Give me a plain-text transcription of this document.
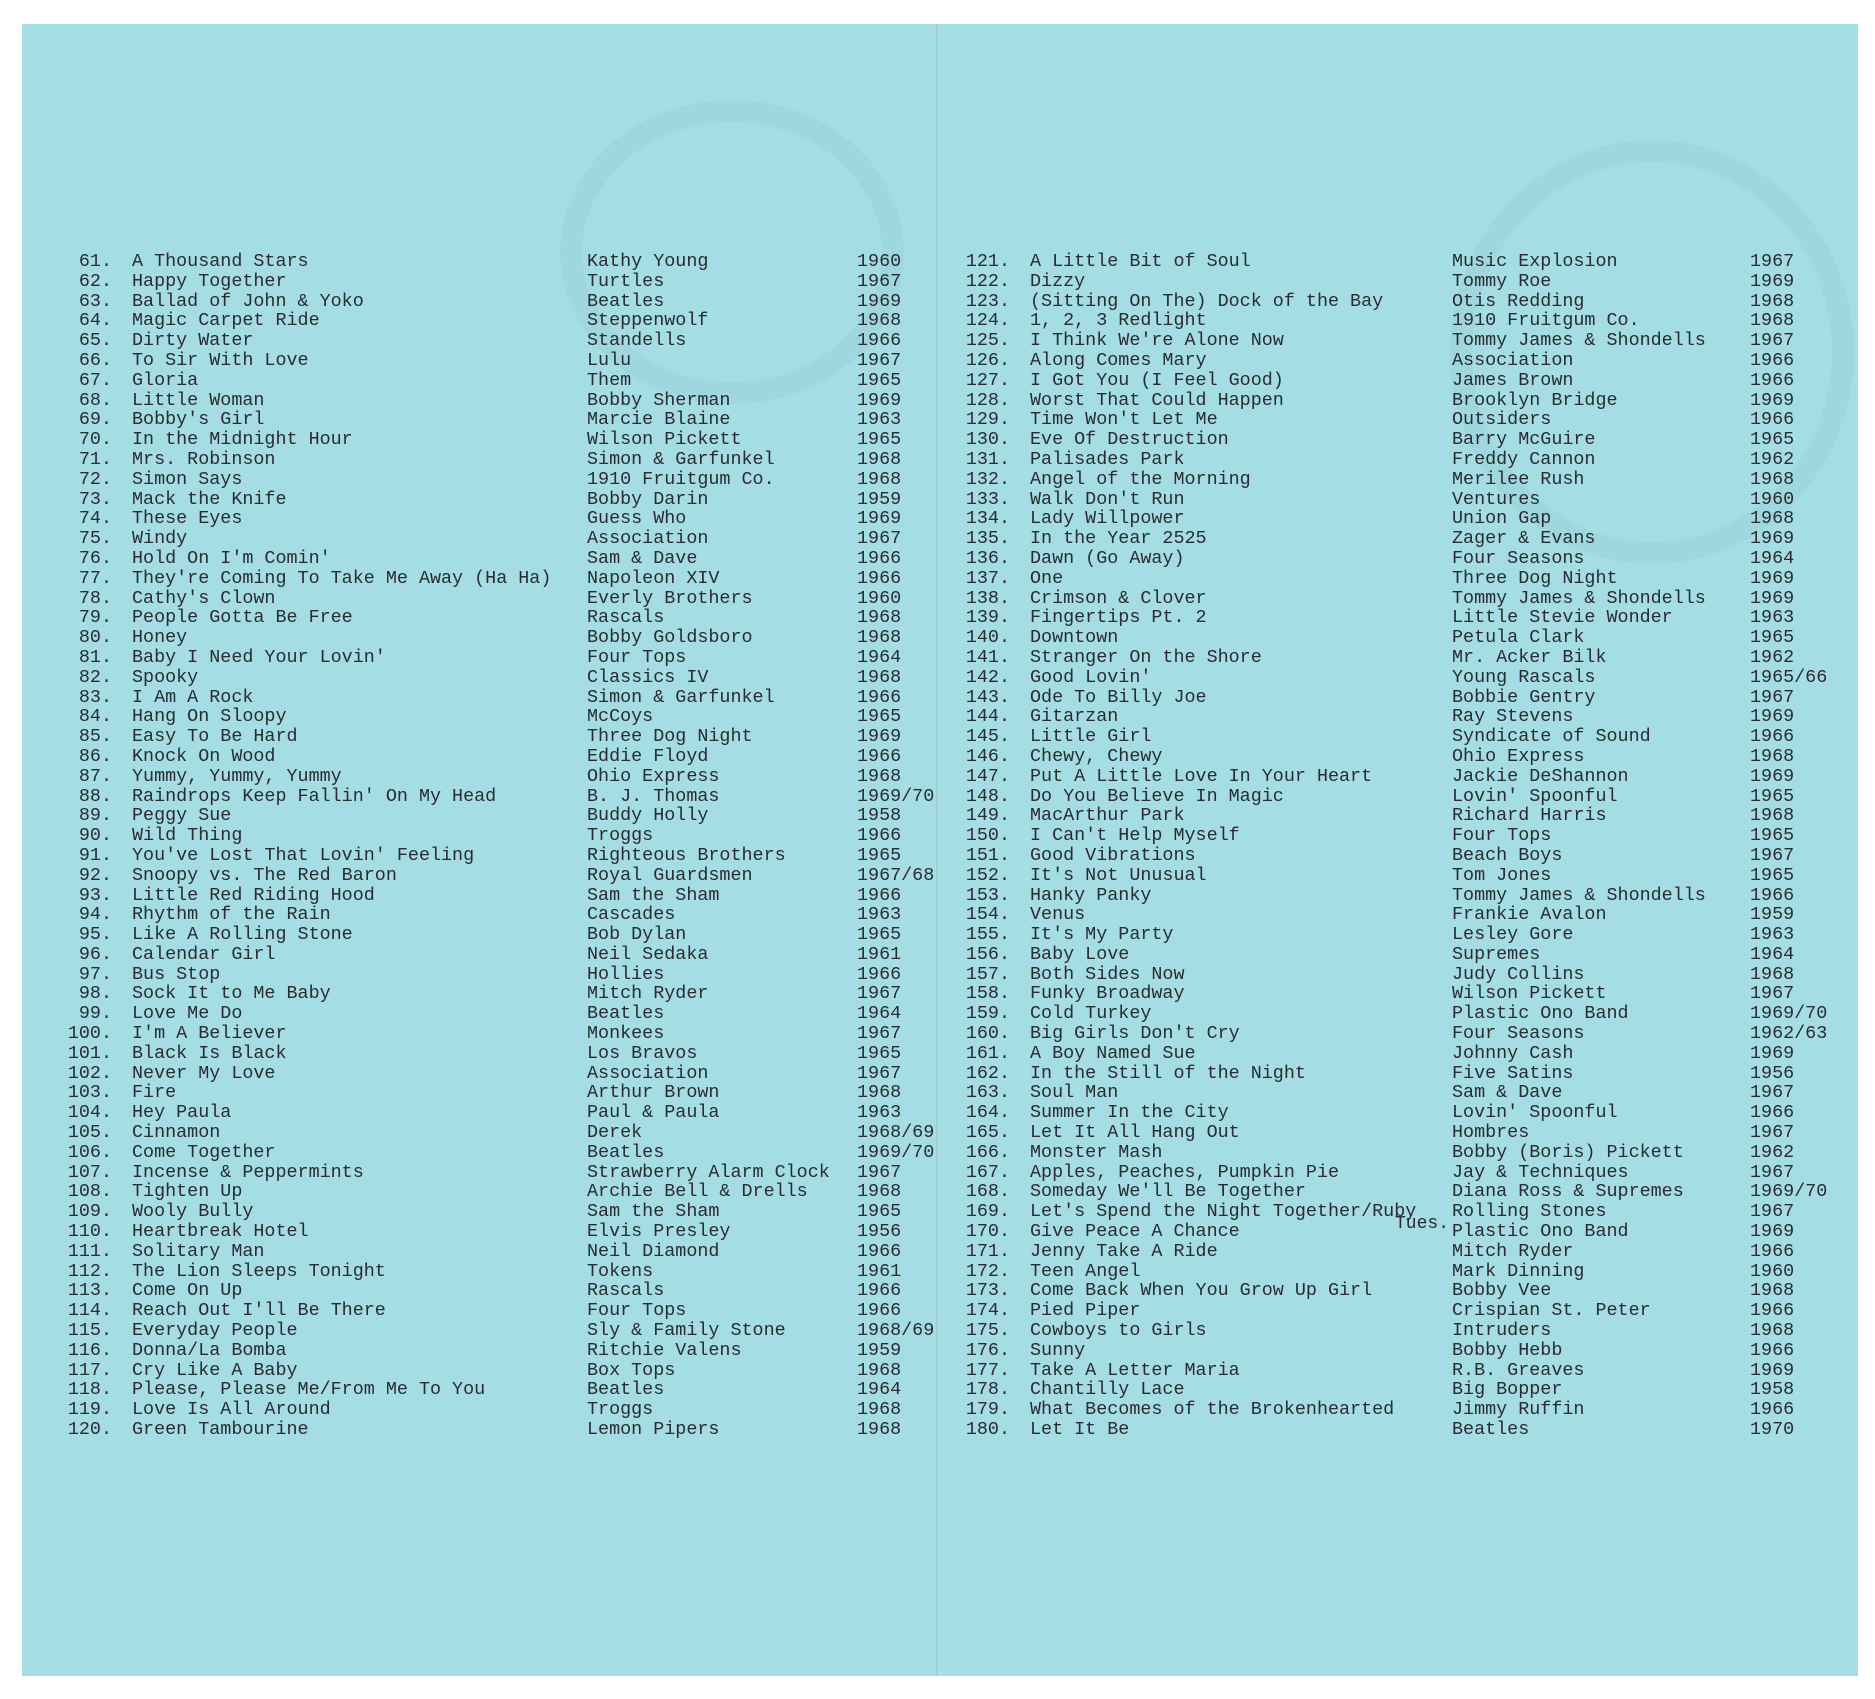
61. A Thousand Stars	Kathy Young	1960
62. Happy Together	Turtles	1967
63. Ballad of John & Yoko	Beatles	1969
64. Magic Carpet Ride	Steppenwolf	1968
65. Dirty Water	Standells	1966
66. To Sir With Love	Lulu	1967
67. Gloria	Them	1965
68. Little Woman	Bobby Sherman	1969
69. Bobby's Girl	Marcie Blaine	1963
70. In the Midnight Hour	Wilson Pickett	1965
71. Mrs. Robinson	Simon & Garfunkel	1968
72. Simon Says	1910 Fruitgum Co.	1968
73. Mack the Knife	Bobby Darin	1959
74. These Eyes	Guess Who	1969
75. Windy	Association	1967
76. Hold On I'm Comin'	Sam & Dave	1966
77. They're Coming To Take Me Away (Ha Ha) Napoleon XIV	1966
78. Cathy's Clown	Everly Brothers	1960
79. People Gotta Be Free	Rascals	1968
80. Honey	Bobby Goldsboro	1968
81. Baby I Need Your Lovin'	Four Tops	1964
82. Spooky	Classics IV	1968
83. I Am A Rock	Simon & Garfunkel	1966
84. Hang On Sloopy	McCoys	1965
85. Easy To Be Hard	Three Dog Night	1969
86. Knock On Wood	Eddie Floyd	1966
87. Yummy, Yummy, Yummy	Ohio Express	1968
88. Raindrops Keep Fallin' On My Head	B. J. Thomas	1969/70
89. Peggy Sue	Buddy Holly	1958
90. Wild Thing	Troggs	1966
91. You've Lost That Lovin' Feeling	Righteous Brothers	1965
92. Snoopy vs. The Red Baron	Royal Guardsmen	1967/68
93. Little Red Riding Hood	Sam the Sham	1966
94. Rhythm of the Rain	Cascades	1963
95. Like A Rolling Stone	Bob Dylan	1965
96. Calendar Girl	Neil Sedaka	1961
97. Bus Stop	Hollies	1966
98. Sock It to Me Baby	Mitch Ryder	1967
99. Love Me Do	Beatles	1964
100. I'm A Believer	Monkees	1967
101. Black Is Black	Los Bravos	1965
102. Never My Love	Association	1967
103. Fire	Arthur Brown	1968
104. Hey Paula	Paul & Paula	1963
105. Cinnamon	Derek	1968/69
106. Come Together	Beatles	1969/70
107. Incense & Peppermints	Strawberry Alarm Clock 1967
108. Tighten Up	Archie Bell & Drells	1968
109. Wooly Bully	Sam the Sham	1965
110. Heartbreak Hotel	Elvis Presley	1956
111. Solitary Man	Neil Diamond	1966
112. The Lion Sleeps Tonight	Tokens	1961
113. Come On Up	Rascals	1966
114. Reach Out I'll Be There	Four Tops	1966
115. Everyday People	Sly & Family Stone	1968/69
116. Donna/La Bomba	Ritchie Valens	1959
117. Cry Like A Baby	Box Tops	1968
118. Please, Please Me/From Me To You	Beatles	1964
119. Love Is All Around	Troggs	1968
120. Green Tambourine	Lemon Pipers	1968
121. A Little Bit of Soul	Music Explosion	1967
122. Dizzy	Tommy Roe	1969
123. (Sitting On The) Dock of the Bay	Otis Redding	1968
124. 1, 2, 3 Redlight	1910 Fruitgum Co.	1968
125. I Think We're Alone Now	Tommy James & Shondells 1967
126. Along Comes Mary	Association	1966
127. I Got You (I Feel Good)	James Brown	1966
128. Worst That Could Happen	Brooklyn Bridge	1969
129. Time Won't Let Me	Outsiders	1966
130. Eve Of Destruction	Barry McGuire	1965
131. Palisades Park	Freddy Cannon	1962
132. Angel of the Morning	Merilee Rush	1968
133. Walk Don't Run	Ventures	1960
134. Lady Willpower	Union Gap	1968
135. In the Year 2525	Zager & Evans	1969
136. Dawn (Go Away)	Four Seasons	1964
137. One	Three Dog Night	1969
138. Crimson & Clover	Tommy James & Shondells 1969
139. Fingertips Pt. 2	Little Stevie Wonder	1963
140. Downtown	Petula Clark	1965
141. Stranger On the Shore	Mr. Acker Bilk	1962
142. Good Lovin'	Young Rascals	1965/66
143. Ode To Billy Joe	Bobbie Gentry	1967
144. Gitarzan	Ray Stevens	1969
145. Little Girl	Syndicate of Sound	1966
146. Chewy, Chewy	Ohio Express	1968
147. Put A Little Love In Your Heart	Jackie DeShannon	1969
148. Do You Believe In Magic	Lovin' Spoonful	1965
149. MacArthur Park	Richard Harris	1968
150. I Can't Help Myself	Four Tops	1965
151. Good Vibrations	Beach Boys	1967
152. It's Not Unusual	Tom Jones	1965
153. Hanky Panky	Tommy James & Shondells 1966
154. Venus	Frankie Avalon	1959
155. It's My Party	Lesley Gore	1963
156. Baby Love	Supremes	1964
157. Both Sides Now	Judy Collins	1968
158. Funky Broadway	Wilson Pickett	1967
159. Cold Turkey	Plastic Ono Band	1969/70
160. Big Girls Don't Cry	Four Seasons	1962/63
161. A Boy Named Sue	Johnny Cash	1969
162. In the Still of the Night	Five Satins	1956
163. Soul Man	Sam & Dave	1967
164. Summer In the City	Lovin' Spoonful	1966
165. Let It All Hang Out	Hombres	1967
166. Monster Mash	Bobby (Boris) Pickett	1962
167. Apples, Peaches, Pumpkin Pie	Jay & Techniques	1967
168. Someday We'll Be Together	Diana Ross & Supremes	1969/70
169. Let's Spend the Night Together/Ruby Rolling Stones	1967
170. Give Peace A Chance	Plastic Ono Band	1969
171. Jenny Take A Ride	Mitch Ryder	1966
172. Teen Angel	Mark Dinning	1960
173. Come Back When You Grow Up Girl	Bobby Vee	1968
174. Pied Piper	Crispian St. Peter	1966
175. Cowboys to Girls	Intruders	1968
176. Sunny	Bobby Hebb	1966
177. Take A Letter Maria	R.B. Greaves	1969
178. Chantilly Lace	Big Bopper	1958
179. What Becomes of the Brokenhearted	Jimmy Ruffin	1966
180. Let It Be	Beatles	1970
Tues.
